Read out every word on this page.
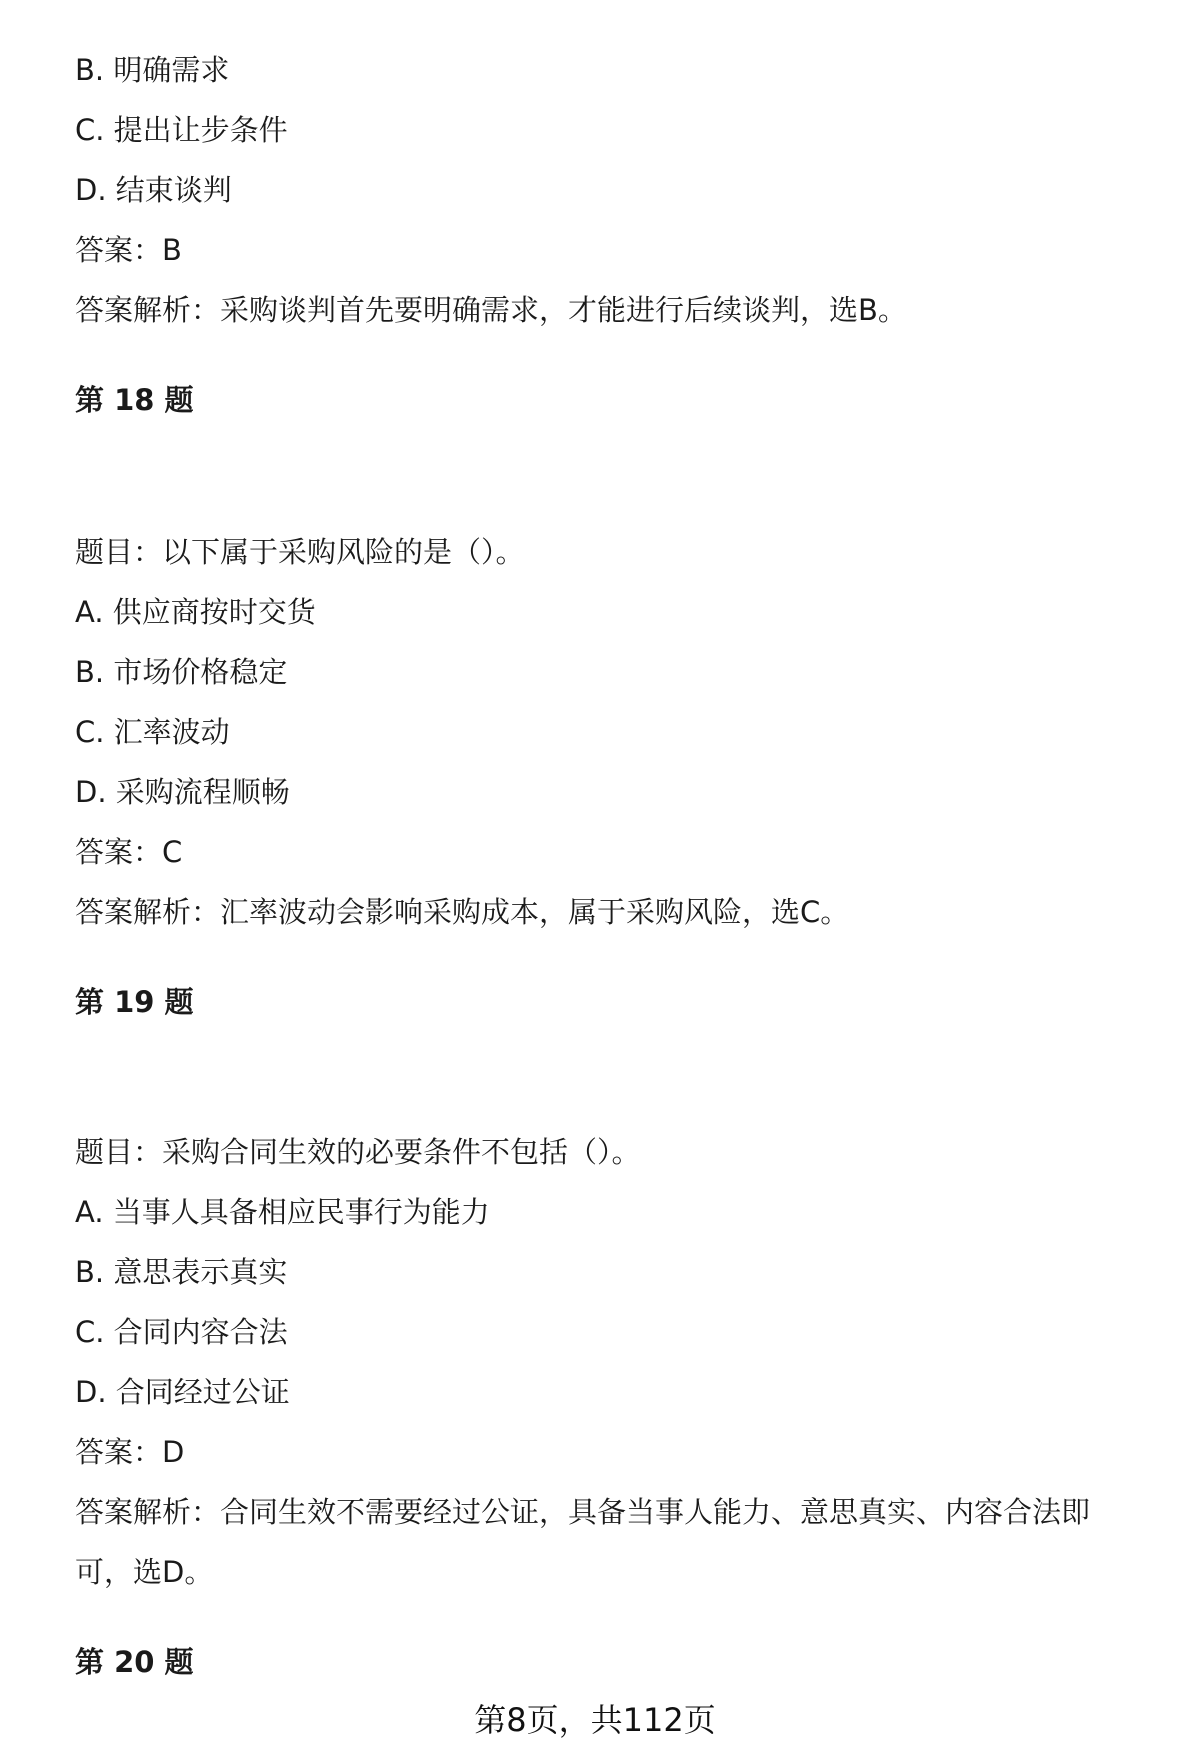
B. 明确需求
C. 提出让步条件
D. 结束谈判
答案：B
答案解析：采购谈判首先要明确需求，才能进行后续谈判，选B。
第 18 题
题目：以下属于采购风险的是（）。
A. 供应商按时交货
B. 市场价格稳定
C. 汇率波动
D. 采购流程顺畅
答案：C
答案解析：汇率波动会影响采购成本，属于采购风险，选C。
第 19 题
题目：采购合同生效的必要条件不包括（）。
A. 当事人具备相应民事行为能力
B. 意思表示真实
C. 合同内容合法
D. 合同经过公证
答案：D
答案解析：合同生效不需要经过公证，具备当事人能力、意思真实、内容合法即可，选D。
第 20 题
第8页，共112页
